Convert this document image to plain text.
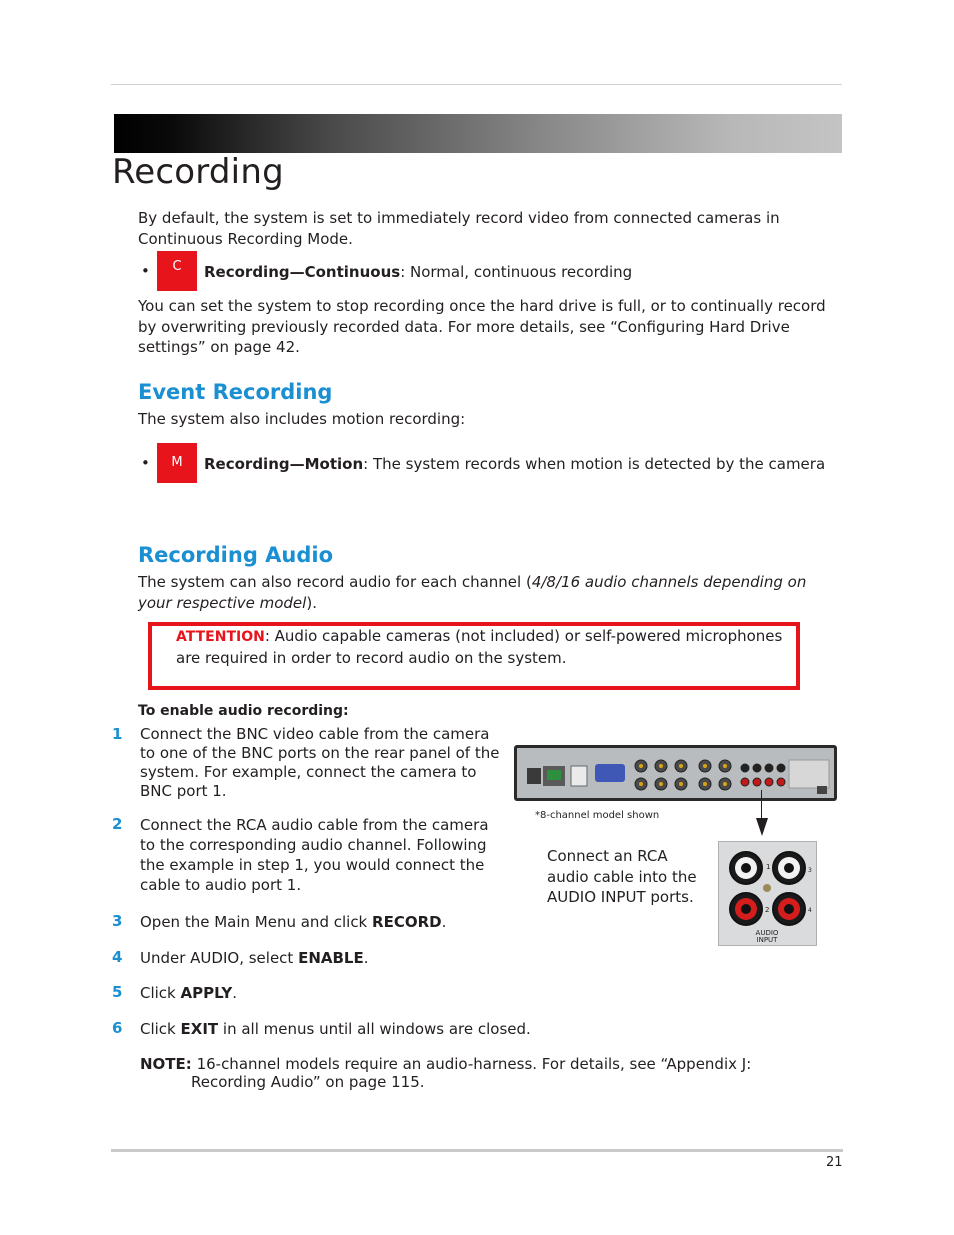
Recording

By default, the system is set to immediately record video from connected cameras in Continuous Recording Mode.

•	C	Recording—Continuous: Normal, continuous recording

You can set the system to stop recording once the hard drive is full, or to continually record by overwriting previously recorded data. For more details, see “Configuring Hard Drive settings” on page 42.

Event Recording

The system also includes motion recording:

•	M	Recording—Motion: The system records when motion is detected by the camera

Recording Audio

The system can also record audio for each channel (4/8/16 audio channels depending on your respective model).

ATTENTION: Audio capable cameras (not included) or self-powered microphones are required in order to record audio on the system.

To enable audio recording:

1 Connect the BNC video cable from the camera to one of the BNC ports on the rear panel of the system. For example, connect the camera to BNC port 1.

2 Connect the RCA audio cable from the camera to the corresponding audio channel. Following the example in step 1, you would connect the cable to audio port 1.

3 Open the Main Menu and click RECORD.

4 Under AUDIO, select ENABLE.

5 Click APPLY.

6 Click EXIT in all menus until all windows are closed.

NOTE: 16-channel models require an audio-harness. For details, see “Appendix J: Recording Audio” on page 115.

*8-channel model shown

Connect an RCA audio cable into the AUDIO INPUT ports.

1
2
3
4
AUDIO
INPUT
21
